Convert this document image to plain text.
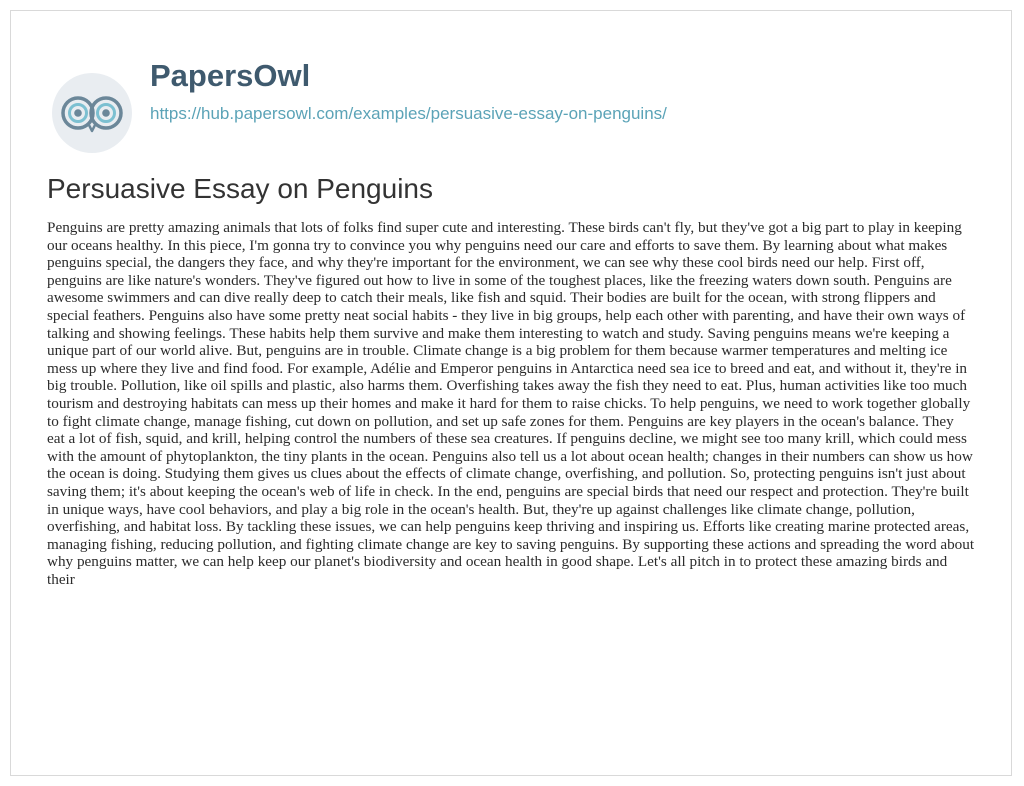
PapersOwl
https://hub.papersowl.com/examples/persuasive-essay-on-penguins/
Persuasive Essay on Penguins

Penguins are pretty amazing animals that lots of folks find super cute and interesting. These birds can't fly, but they've got a big part to play in keeping our oceans healthy. In this piece, I'm gonna try to convince you why penguins need our care and efforts to save them. By learning about what makes penguins special, the dangers they face, and why they're important for the environment, we can see why these cool birds need our help. First off, penguins are like nature's wonders. They've figured out how to live in some of the toughest places, like the freezing waters down south. Penguins are awesome swimmers and can dive really deep to catch their meals, like fish and squid. Their bodies are built for the ocean, with strong flippers and special feathers. Penguins also have some pretty neat social habits - they live in big groups, help each other with parenting, and have their own ways of talking and showing feelings. These habits help them survive and make them interesting to watch and study. Saving penguins means we're keeping a unique part of our world alive. But, penguins are in trouble. Climate change is a big problem for them because warmer temperatures and melting ice mess up where they live and find food. For example, Adélie and Emperor penguins in Antarctica need sea ice to breed and eat, and without it, they're in big trouble. Pollution, like oil spills and plastic, also harms them. Overfishing takes away the fish they need to eat. Plus, human activities like too much tourism and destroying habitats can mess up their homes and make it hard for them to raise chicks. To help penguins, we need to work together globally to fight climate change, manage fishing, cut down on pollution, and set up safe zones for them. Penguins are key players in the ocean's balance. They eat a lot of fish, squid, and krill, helping control the numbers of these sea creatures. If penguins decline, we might see too many krill, which could mess with the amount of phytoplankton, the tiny plants in the ocean. Penguins also tell us a lot about ocean health; changes in their numbers can show us how the ocean is doing. Studying them gives us clues about the effects of climate change, overfishing, and pollution. So, protecting penguins isn't just about saving them; it's about keeping the ocean's web of life in check. In the end, penguins are special birds that need our respect and protection. They're built in unique ways, have cool behaviors, and play a big role in the ocean's health. But, they're up against challenges like climate change, pollution, overfishing, and habitat loss. By tackling these issues, we can help penguins keep thriving and inspiring us. Efforts like creating marine protected areas, managing fishing, reducing pollution, and fighting climate change are key to saving penguins. By supporting these actions and spreading the word about why penguins matter, we can help keep our planet's biodiversity and ocean health in good shape. Let's all pitch in to protect these amazing birds and their
